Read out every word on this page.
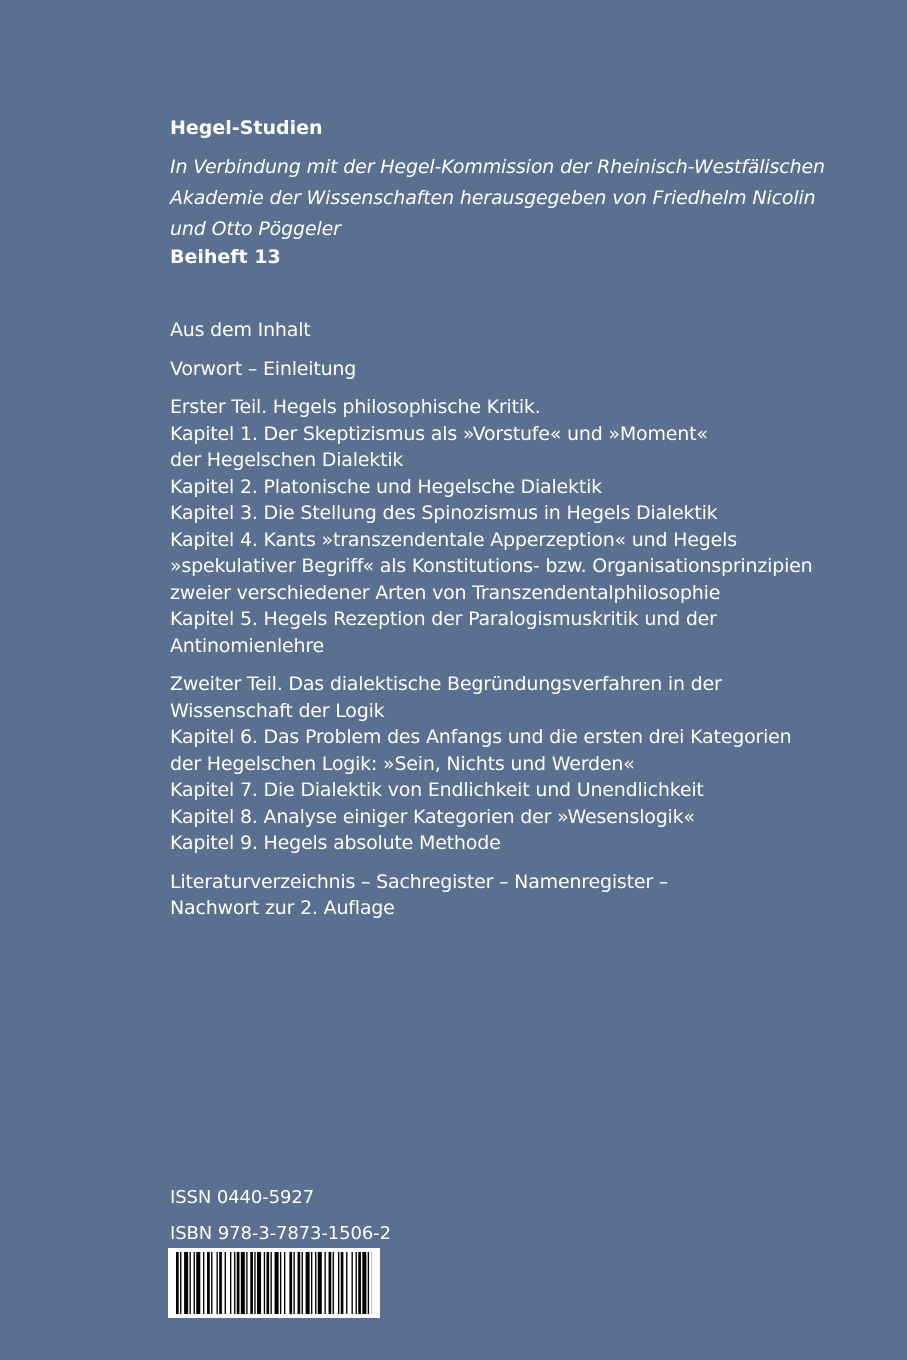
Hegel-Studien

In Verbindung mit der Hegel-Kommission der Rheinisch-Westfälischen
Akademie der Wissenschaften herausgegeben von Friedhelm Nicolin
und Otto Pöggeler

Beiheft 13
Aus dem Inhalt
Vorwort – Einleitung
Erster Teil. Hegels philosophische Kritik.
Kapitel 1. Der Skeptizismus als »Vorstufe« und »Moment«
der Hegelschen Dialektik
Kapitel 2. Platonische und Hegelsche Dialektik
Kapitel 3. Die Stellung des Spinozismus in Hegels Dialektik
Kapitel 4. Kants »transzendentale Apperzeption« und Hegels
»spekulativer Begriff« als Konstitutions- bzw. Organisationsprinzipien
zweier verschiedener Arten von Transzendentalphilosophie
Kapitel 5. Hegels Rezeption der Paralogismuskritik und der
Antinomienlehre
Zweiter Teil. Das dialektische Begründungsverfahren in der
Wissenschaft der Logik
Kapitel 6. Das Problem des Anfangs und die ersten drei Kategorien
der Hegelschen Logik: »Sein, Nichts und Werden«
Kapitel 7. Die Dialektik von Endlichkeit und Unendlichkeit
Kapitel 8. Analyse einiger Kategorien der »Wesenslogik«
Kapitel 9. Hegels absolute Methode
Literaturverzeichnis – Sachregister – Namenregister –
Nachwort zur 2. Auflage
ISSN 0440-5927
ISBN 978-3-7873-1506-2
